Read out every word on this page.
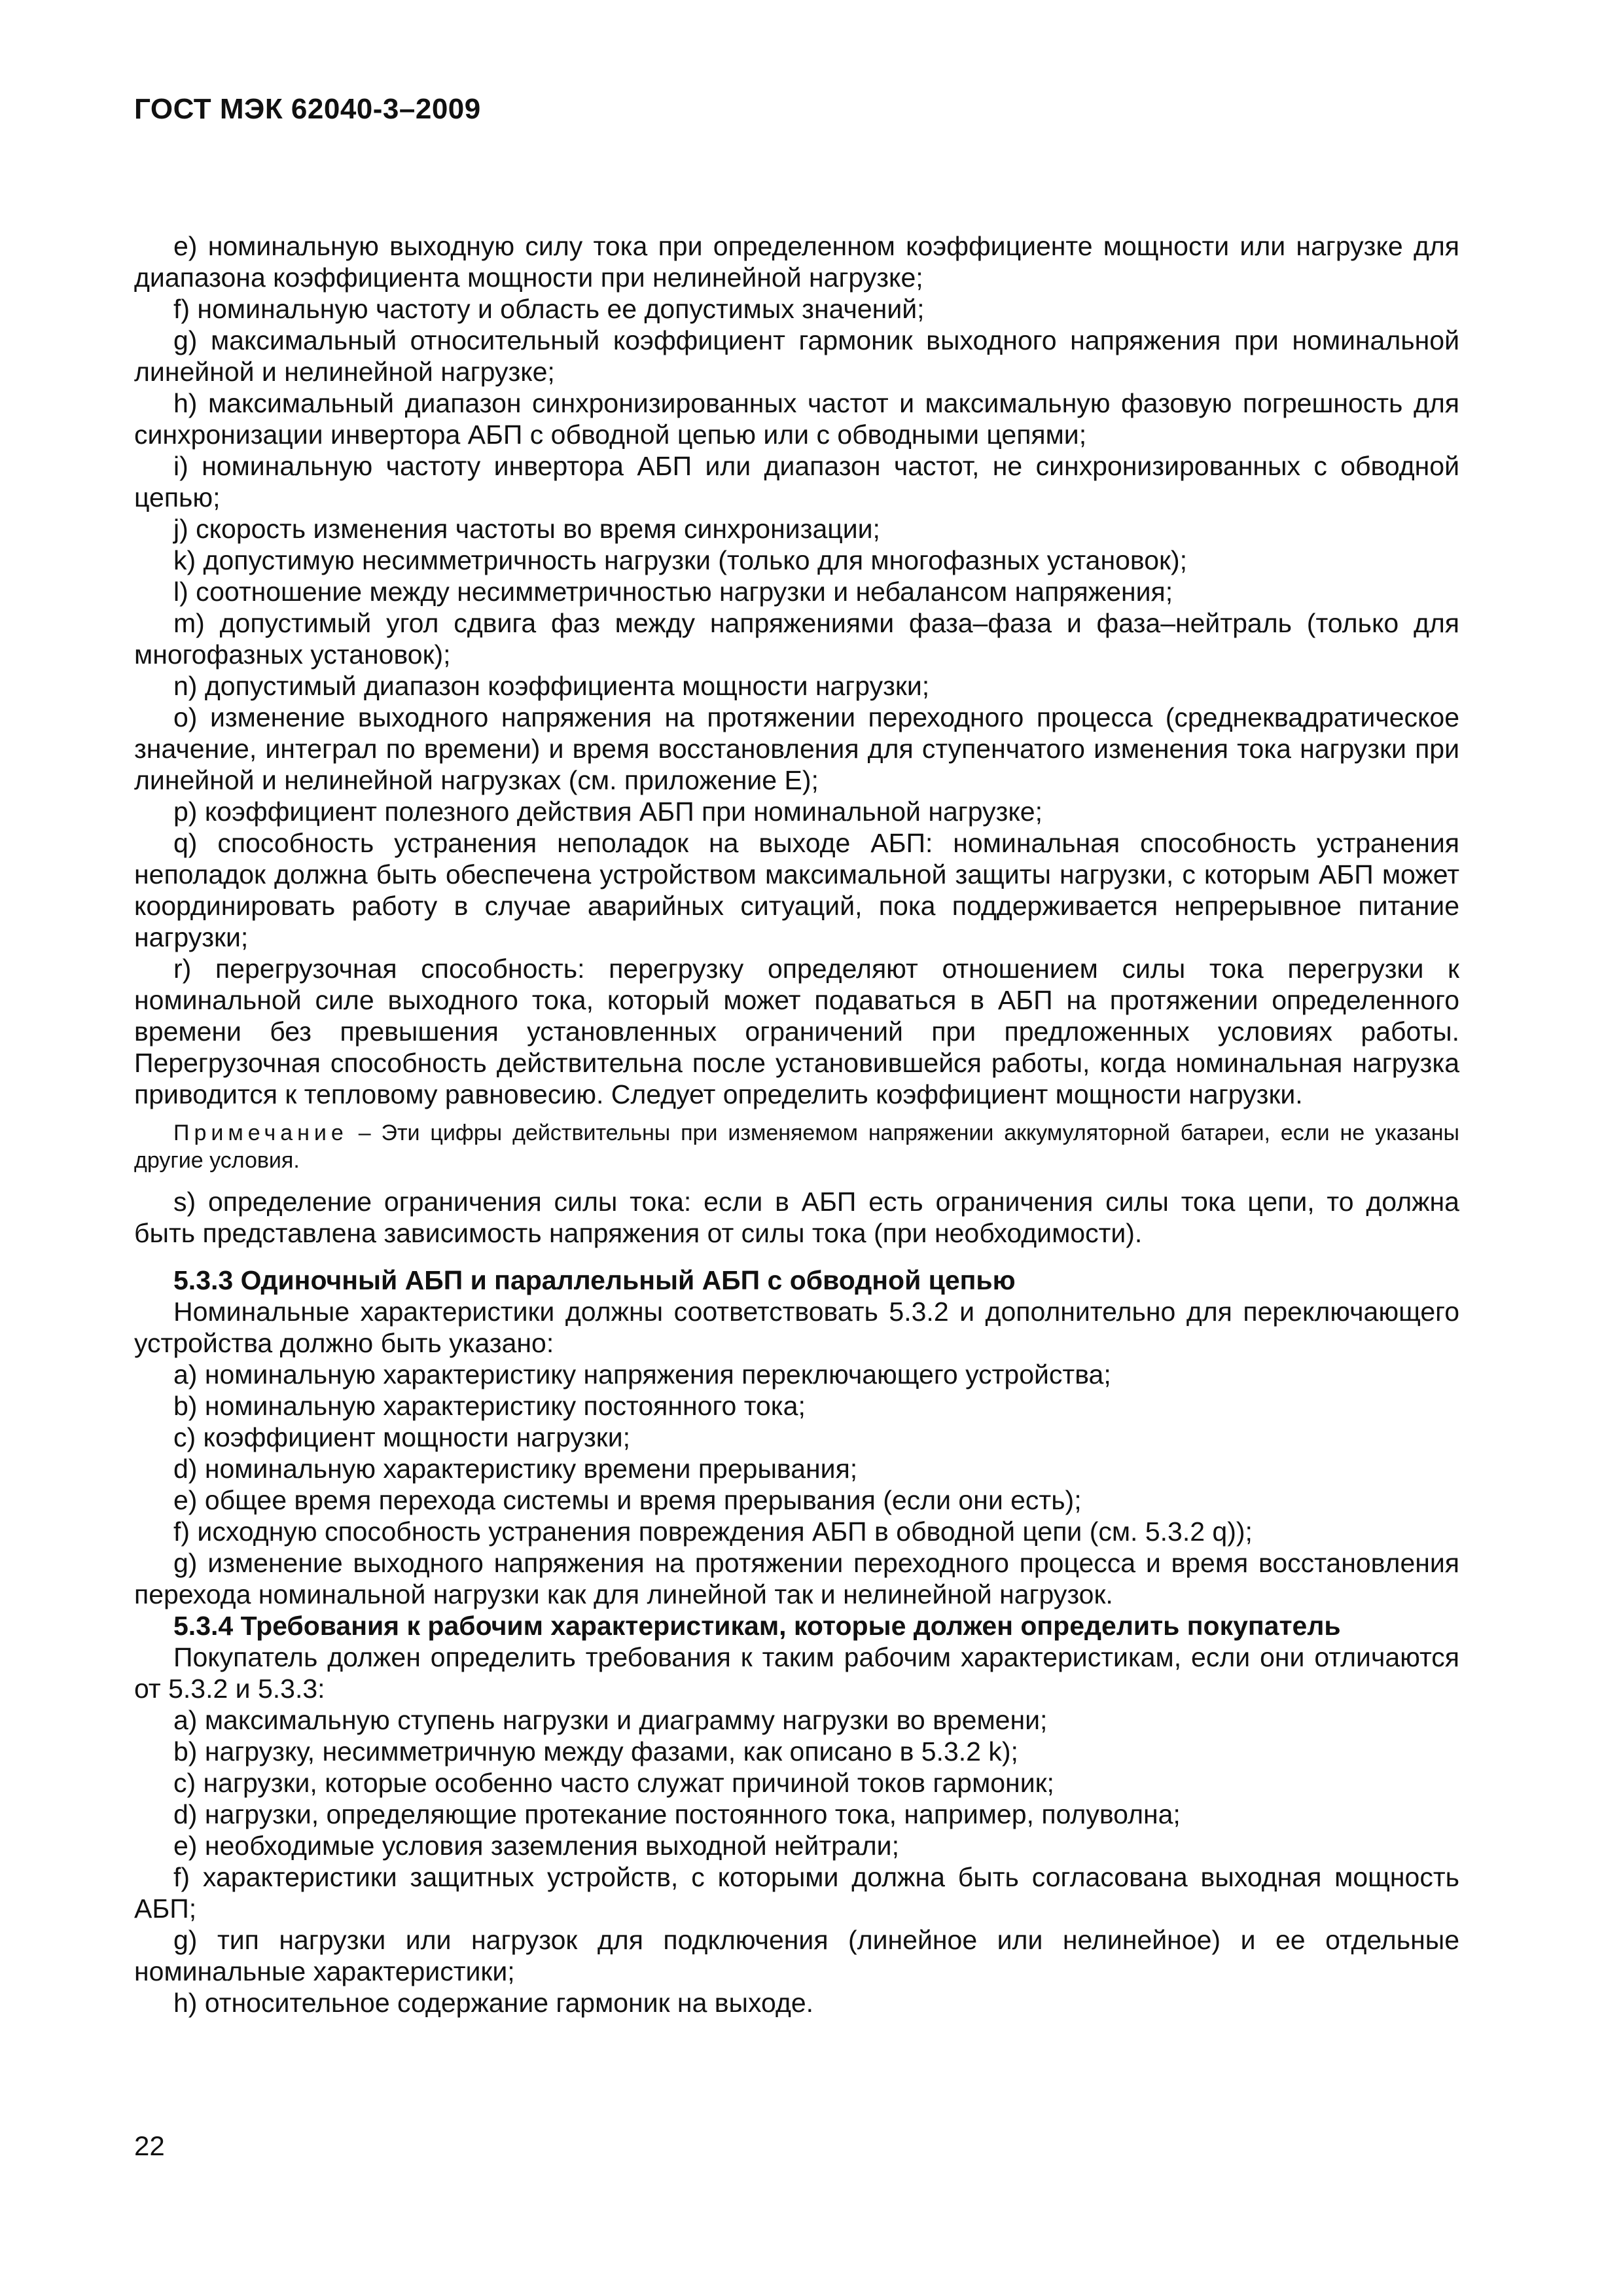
ГОСТ МЭК 62040-3–2009

e) номинальную выходную силу тока при определенном коэффициенте мощности или нагрузке для диапазона коэффициента мощности при нелинейной нагрузке;

f) номинальную частоту и область ее допустимых значений;

g) максимальный относительный коэффициент гармоник выходного напряжения при номинальной линейной и нелинейной нагрузке;

h) максимальный диапазон синхронизированных частот и максимальную фазовую погрешность для синхронизации инвертора АБП с обводной цепью или с обводными цепями;

i) номинальную частоту инвертора АБП или диапазон частот, не синхронизированных с обводной цепью;

j) скорость изменения частоты во время синхронизации;

k) допустимую несимметричность нагрузки (только для многофазных установок);

l) соотношение между несимметричностью нагрузки и небалансом напряжения;

m) допустимый угол сдвига фаз между напряжениями фаза–фаза и фаза–нейтраль (только для многофазных установок);

n) допустимый диапазон коэффициента мощности нагрузки;

o) изменение выходного напряжения на протяжении переходного процесса (среднеквадратическое значение, интеграл по времени) и время восстановления для ступенчатого изменения тока нагрузки при линейной и нелинейной нагрузках (см. приложение Е);

p) коэффициент полезного действия АБП при номинальной нагрузке;

q) способность устранения неполадок на выходе АБП: номинальная способность устранения неполадок должна быть обеспечена устройством максимальной защиты нагрузки, с которым АБП может координировать работу в случае аварийных ситуаций, пока поддерживается непрерывное питание нагрузки;

r) перегрузочная способность: перегрузку определяют отношением силы тока перегрузки к номинальной силе выходного тока, который может подаваться в АБП на протяжении определенного времени без превышения установленных ограничений при предложенных условиях работы. Перегрузочная способность действительна после установившейся работы, когда номинальная нагрузка приводится к тепловому равновесию. Следует определить коэффициент мощности нагрузки.

Примечание – Эти цифры действительны при изменяемом напряжении аккумуляторной батареи, если не указаны другие условия.

s) определение ограничения силы тока: если в АБП есть ограничения силы тока цепи, то должна быть представлена зависимость напряжения от силы тока (при необходимости).

5.3.3 Одиночный АБП и параллельный АБП с обводной цепью

Номинальные характеристики должны соответствовать 5.3.2 и дополнительно для переключающего устройства должно быть указано:

a) номинальную характеристику напряжения переключающего устройства;

b) номинальную характеристику постоянного тока;

c) коэффициент мощности нагрузки;

d) номинальную характеристику времени прерывания;

e) общее время перехода системы и время прерывания (если они есть);

f) исходную способность устранения повреждения АБП в обводной цепи (см. 5.3.2 q));

g) изменение выходного напряжения на протяжении переходного процесса и время восстановления перехода номинальной нагрузки как для линейной так и нелинейной нагрузок.

5.3.4 Требования к рабочим характеристикам, которые должен определить покупатель

Покупатель должен определить требования к таким рабочим характеристикам, если они отличаются от 5.3.2 и 5.3.3:

a) максимальную ступень нагрузки и диаграмму нагрузки во времени;

b) нагрузку, несимметричную между фазами, как описано в 5.3.2 k);

c) нагрузки, которые особенно часто служат причиной токов гармоник;

d) нагрузки, определяющие протекание постоянного тока, например, полуволна;

e) необходимые условия заземления выходной нейтрали;

f) характеристики защитных устройств, с которыми должна быть согласована выходная мощность АБП;

g) тип нагрузки или нагрузок для подключения (линейное или нелинейное) и ее отдельные номинальные характеристики;

h) относительное содержание гармоник на выходе.

22
